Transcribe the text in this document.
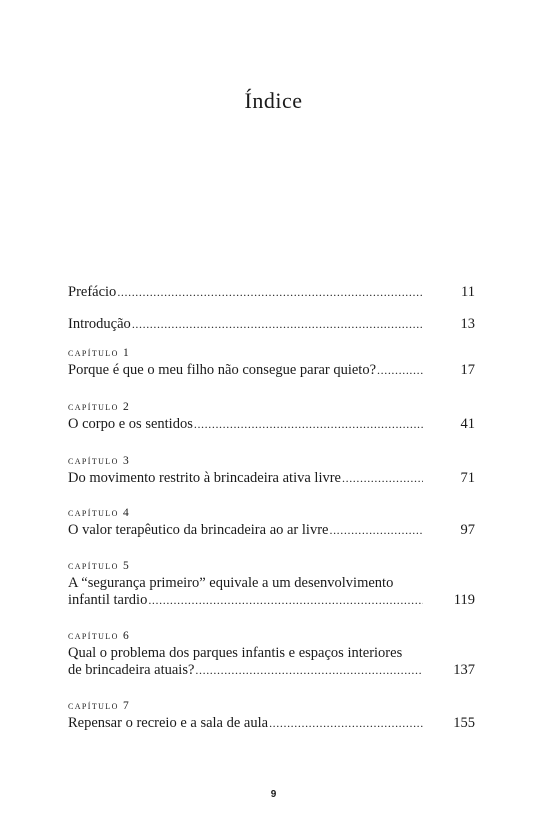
Índice
Prefácio .....	11
Introdução .....	13
capítulo 1
Porque é que o meu filho não consegue parar quieto? .....	17
capítulo 2
O corpo e os sentidos .....	41
capítulo 3
Do movimento restrito à brincadeira ativa livre .....	71
capítulo 4
O valor terapêutico da brincadeira ao ar livre .....	97
capítulo 5
A “segurança primeiro” equivale a um desenvolvimento
infantil tardio .....	119
capítulo 6
Qual o problema dos parques infantis e espaços interiores
de brincadeira atuais? .....	137
capítulo 7
Repensar o recreio e a sala de aula .....	155
9
